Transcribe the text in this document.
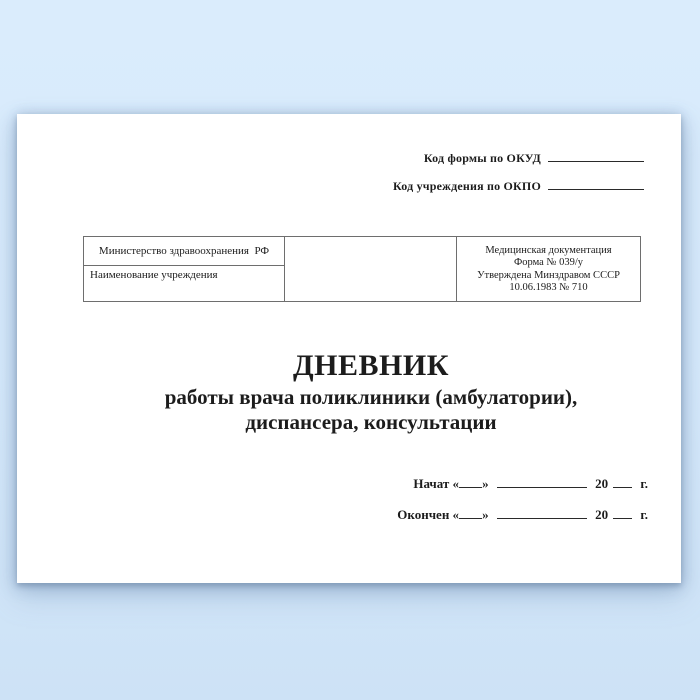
Код формы по ОКУД
Код учреждения по ОКПО
Министерство здравоохранения  РФ
Наименование учреждения
Медицинская документация
Форма № 039/у
Утверждена Минздравом СССР
10.06.1983 № 710
ДНЕВНИК
работы врача поликлиники (амбулатории),
диспансера, консультации
Начат « »	20 г.
Окончен « »	20 г.
